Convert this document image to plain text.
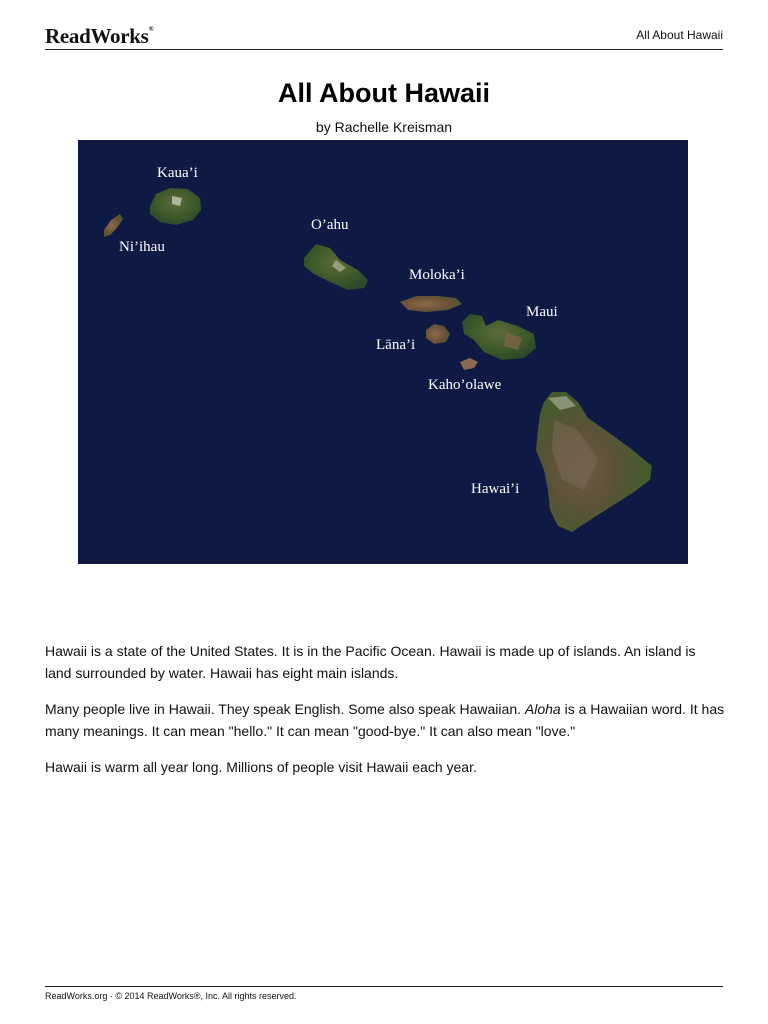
ReadWorks®	All About Hawaii
All About Hawaii
by Rachelle Kreisman
Kaua’i
Ni’ihau
O’ahu
Moloka’i
Maui
Lāna’i
Kaho’olawe
Hawai’i

Hawaii is a state of the United States. It is in the Pacific Ocean. Hawaii is made up of islands. An island is land surrounded by water. Hawaii has eight main islands.

Many people live in Hawaii. They speak English. Some also speak Hawaiian. Aloha is a Hawaiian word. It has many meanings. It can mean "hello." It can mean "good-bye." It can also mean "love."

Hawaii is warm all year long. Millions of people visit Hawaii each year.

ReadWorks.org · © 2014 ReadWorks®, Inc. All rights reserved.
